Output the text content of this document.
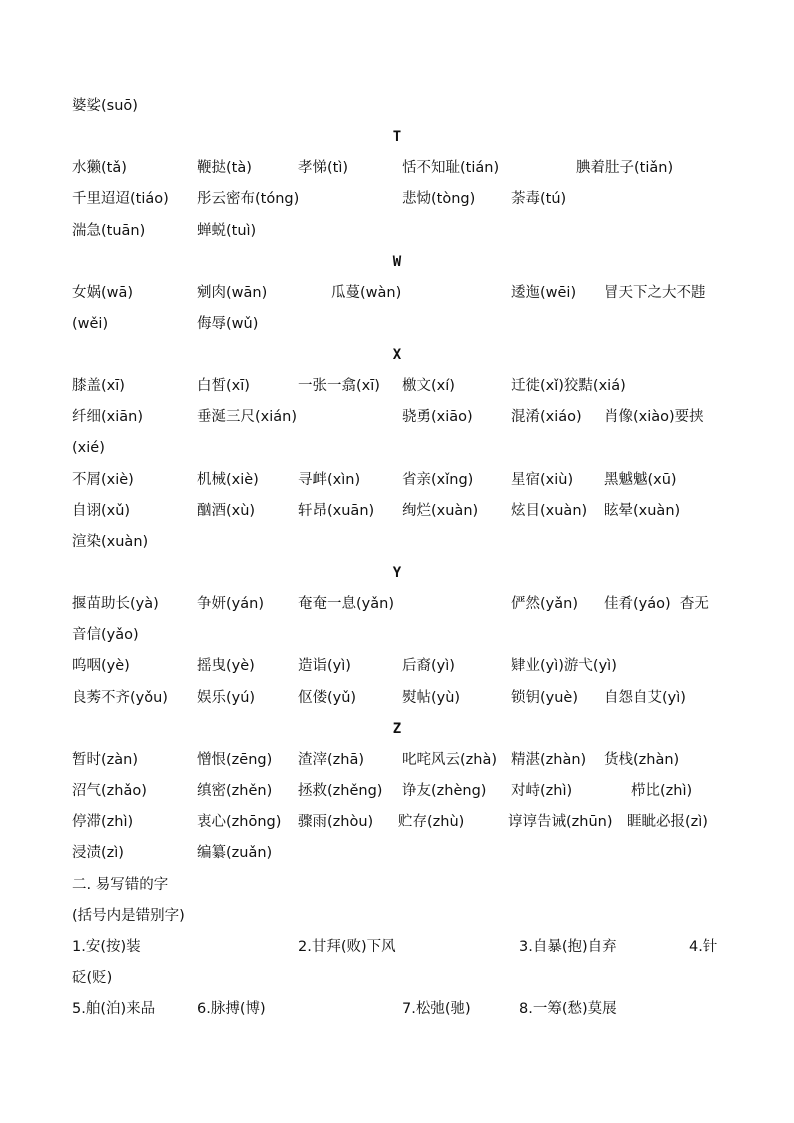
婆娑(suō)
T
水獭(tǎ)	鞭挞(tà)	孝悌(tì)	恬不知耻(tián)	腆着肚子(tiǎn)
千里迢迢(tiáo) 彤云密布(tóng)	悲恸(tòng) 荼毒(tú)
湍急(tuān)	蝉蜕(tuì)
W
女娲(wā)	剜肉(wān)	瓜蔓(wàn)	逶迤(wēi) 冒天下之大不韪
(wěi)	侮辱(wǔ)
X
膝盖(xī)	白皙(xī)	一张一翕(xī) 檄文(xí)	迁徙(xǐ)狡黠(xiá)
纤细(xiān)	垂涎三尺(xián)	骁勇(xiāo)	混淆(xiáo) 肖像(xiào)要挟
(xié)
不屑(xiè)	机械(xiè)	寻衅(xìn)	省亲(xǐng)	星宿(xiù) 黑魆魆(xū)
自诩(xǔ)	酗酒(xù)	轩昂(xuān) 绚烂(xuàn) 炫目(xuàn) 眩晕(xuàn)
渲染(xuàn)
Y
揠苗助长(yà)	争妍(yán) 奄奄一息(yǎn)	俨然(yǎn) 佳肴(yáo)  杳无
音信(yǎo)
呜咽(yè)	摇曳(yè)	造诣(yì)	后裔(yì)	肄业(yì)游弋(yì)
良莠不齐(yǒu) 娱乐(yú)	伛偻(yǔ)	熨帖(yù)	锁钥(yuè) 自怨自艾(yì)
Z
暂时(zàn)	憎恨(zēng) 渣滓(zhā)	叱咤风云(zhà) 精湛(zhàn) 货栈(zhàn)
沼气(zhǎo)	缜密(zhěn) 拯救(zhěng) 诤友(zhèng) 对峙(zhì)	栉比(zhì)
停滞(zhì)	衷心(zhōng) 骤雨(zhòu) 贮存(zhù)	谆谆告诫(zhūn) 睚眦必报(zì)
浸渍(zì)	编纂(zuǎn)
二. 易写错的字
(括号内是错别字)
1.安(按)装	2.甘拜(败)下风	3.自暴(抱)自弃	4.针
砭(贬)
5.舶(泊)来品	6.脉搏(博)	7.松弛(驰)	8.一筹(愁)莫展
